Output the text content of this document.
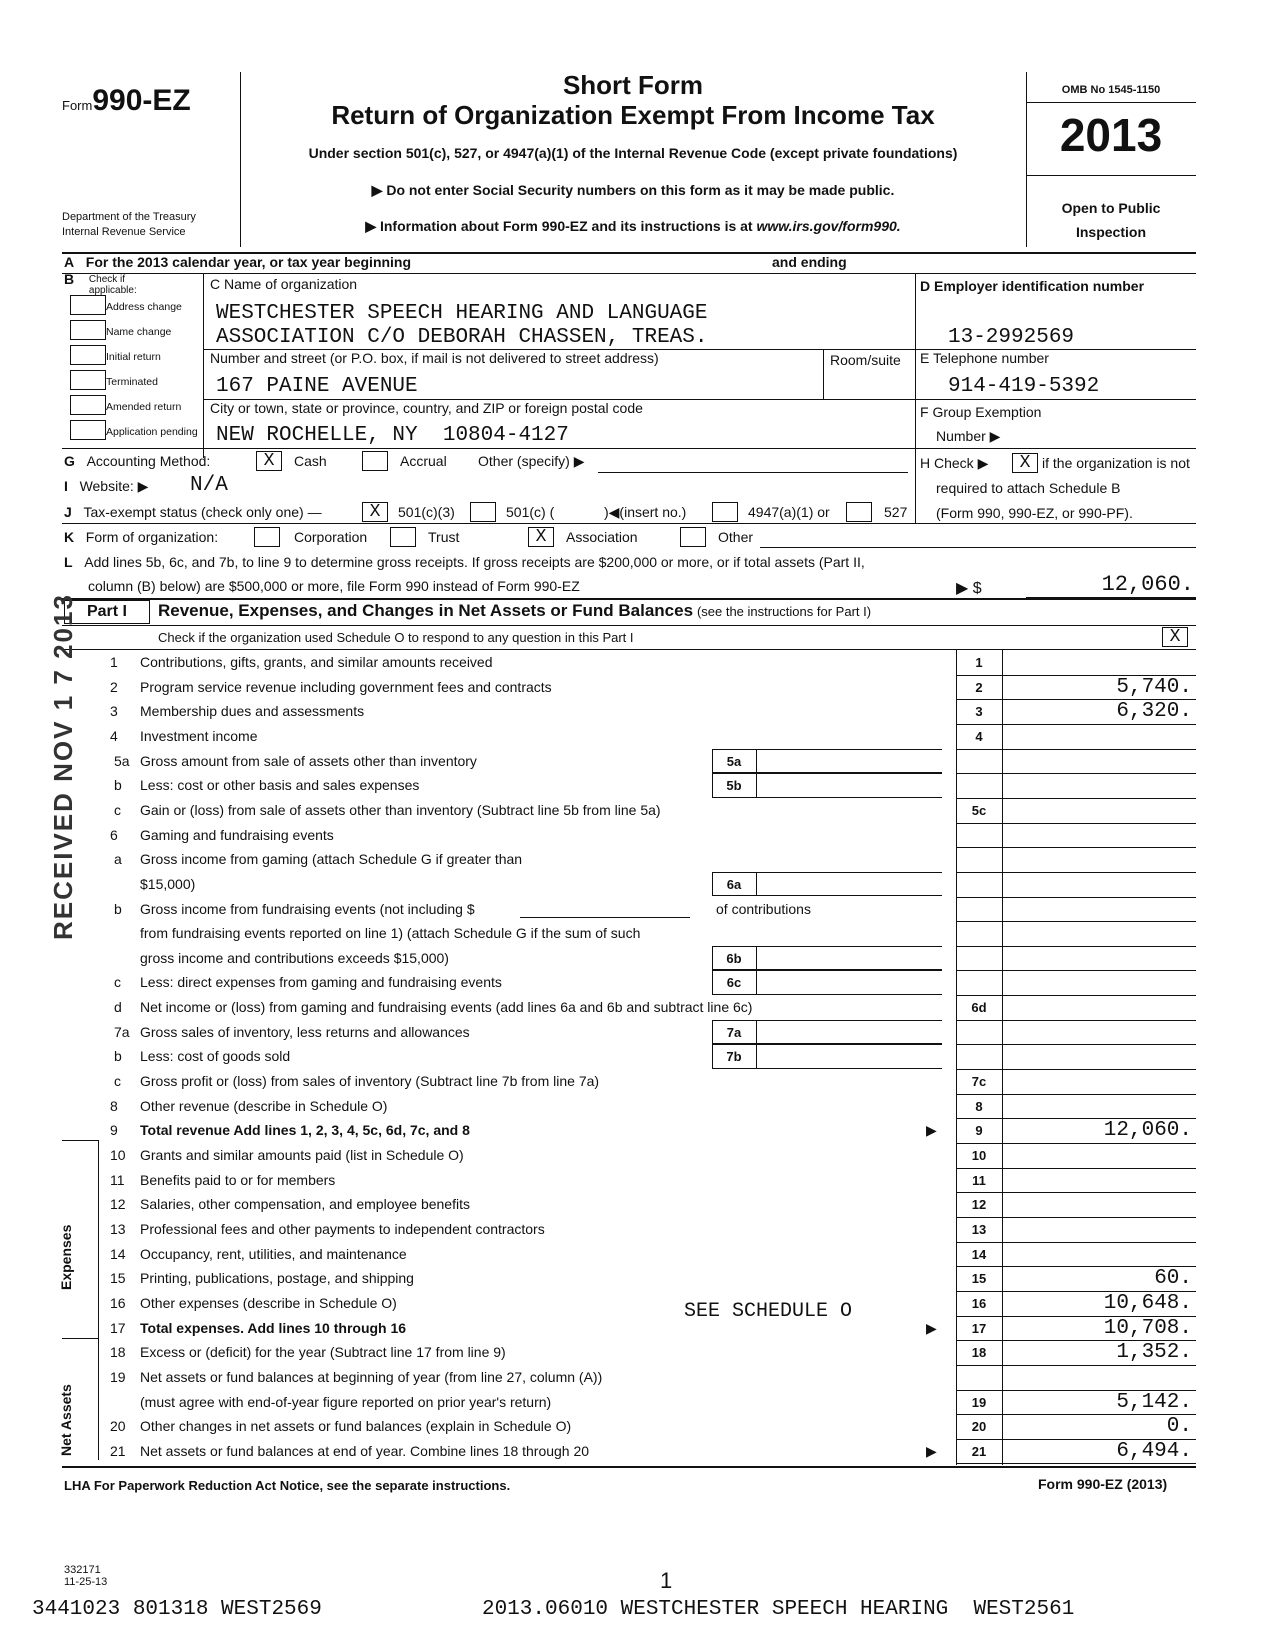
Form990-EZ
Department of the Treasury
Internal Revenue Service
Short Form
Return of Organization Exempt From Income Tax
Under section 501(c), 527, or 4947(a)(1) of the Internal Revenue Code (except private foundations)
▶ Do not enter Social Security numbers on this form as it may be made public.
▶ Information about Form 990-EZ and its instructions is at www.irs.gov/form990.
OMB No 1545-1150
2013
Open to Public
Inspection
A For the 2013 calendar year, or tax year beginning	and ending
B Check if
applicable:
Address change
Name change
Initial return
Terminated
Amended return
Application pending
C Name of organization
WESTCHESTER SPEECH HEARING AND LANGUAGE
ASSOCIATION C/O DEBORAH CHASSEN, TREAS.
Number and street (or P.O. box, if mail is not delivered to street address)	Room/suite
167 PAINE AVENUE
City or town, state or province, country, and ZIP or foreign postal code
NEW ROCHELLE, NY  10804-4127
D Employer identification number
13-2992569
E Telephone number
914-419-5392
F Group Exemption
Number ▶
G Accounting Method:	X	Cash	Accrual Other (specify) ▶	H Check ▶	X if the organization is not
required to attach Schedule B
(Form 990, 990-EZ, or 990-PF).
I Website: ▶ N/A
J Tax-exempt status (check only one) —	X	501(c)(3)	501(c) (	)◀(insert no.)	4947(a)(1) or	527
K Form of organization:	Corporation	Trust	X	Association	Other
L Add lines 5b, 6c, and 7b, to line 9 to determine gross receipts. If gross receipts are $200,000 or more, or if total assets (Part II,
column (B) below) are $500,000 or more, file Form 990 instead of Form 990-EZ	▶ $	12,060.
Part I	Revenue, Expenses, and Changes in Net Assets or Fund Balances (see the instructions for Part I)
Check if the organization used Schedule O to respond to any question in this Part I	X
Expenses
Net Assets
RECEIVED NOV 1 7 2013 1 Contributions, gifts, grants, and similar amounts received	1
2 Program service revenue including government fees and contracts	2	5,740.
3 Membership dues and assessments	3	6,320.
4 Investment income	4
5a Gross amount from sale of assets other than inventory	5a
b Less: cost or other basis and sales expenses	5b
c Gain or (loss) from sale of assets other than inventory (Subtract line 5b from line 5a)	5c
6 Gaming and fundraising events
a Gross income from gaming (attach Schedule G if greater than
$15,000)	6a
b Gross income from fundraising events (not including $	of contributions
from fundraising events reported on line 1) (attach Schedule G if the sum of such
gross income and contributions exceeds $15,000)	6b
c Less: direct expenses from gaming and fundraising events	6c
d Net income or (loss) from gaming and fundraising events (add lines 6a and 6b and subtract line 6c)	6d
7a Gross sales of inventory, less returns and allowances	7a
b Less: cost of goods sold	7b
c Gross profit or (loss) from sales of inventory (Subtract line 7b from line 7a)	7c
8 Other revenue (describe in Schedule O)	8
9 Total revenue Add lines 1, 2, 3, 4, 5c, 6d, 7c, and 8	▶	9	12,060.
10 Grants and similar amounts paid (list in Schedule O)	10
11 Benefits paid to or for members	11
12 Salaries, other compensation, and employee benefits	12
13 Professional fees and other payments to independent contractors	13
14 Occupancy, rent, utilities, and maintenance	14
15 Printing, publications, postage, and shipping	15	60.
16 Other expenses (describe in Schedule O)	16	10,648.
17 Total expenses. Add lines 10 through 16	▶	17	10,708.
18 Excess or (deficit) for the year (Subtract line 17 from line 9)	18	1,352.
19 Net assets or fund balances at beginning of year (from line 27, column (A))
(must agree with end-of-year figure reported on prior year's return)	19	5,142.
20 Other changes in net assets or fund balances (explain in Schedule O)	20	0.
21 Net assets or fund balances at end of year. Combine lines 18 through 20	▶	21	6,494.
SEE SCHEDULE O
LHA For Paperwork Reduction Act Notice, see the separate instructions.	Form 990-EZ (2013)
332171
11-25-13	1
3441023 801318 WEST2569	2013.06010 WESTCHESTER SPEECH HEARING  WEST2561
